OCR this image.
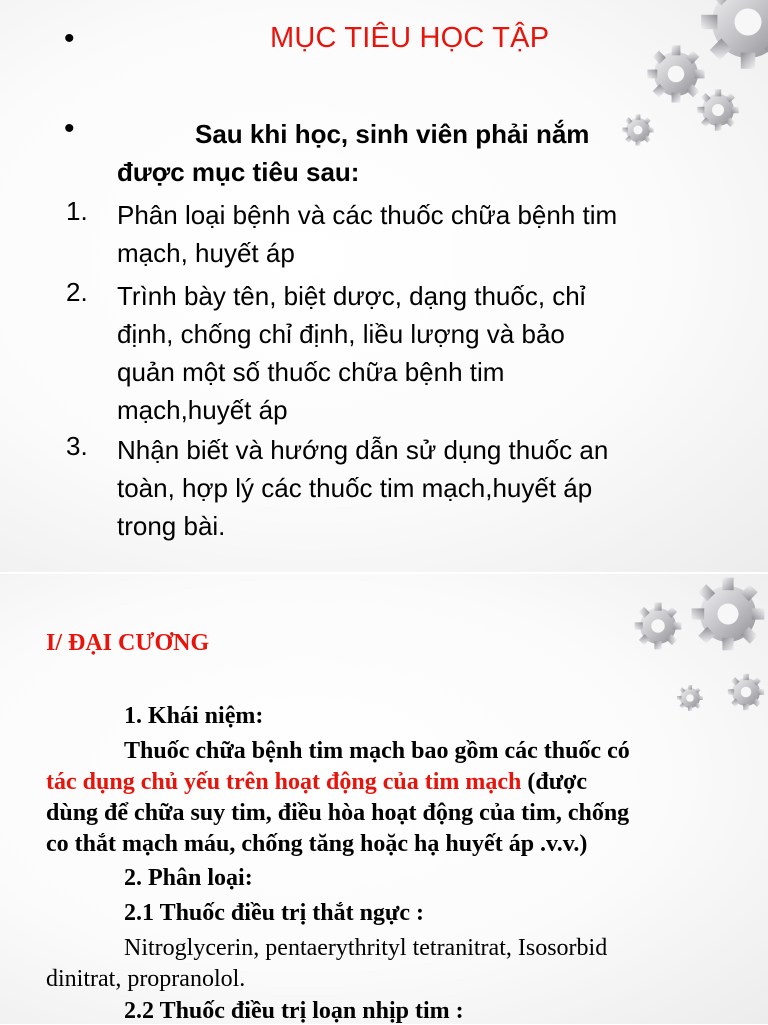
•	MỤC TIÊU HỌC TẬP
•	Sau khi học, sinh viên phải nắm
được mục tiêu sau:
1. Phân loại bệnh và các thuốc chữa bệnh tim
mạch, huyết áp
2. Trình bày tên, biệt dược, dạng thuốc, chỉ
định, chống chỉ định, liều lượng và bảo
quản một số thuốc chữa bệnh tim
mạch,huyết áp
3. Nhận biết và hướng dẫn sử dụng thuốc an
toàn, hợp lý các thuốc tim mạch,huyết áp
trong bài.
I/ ĐẠI CƯƠNG
1. Khái niệm:
Thuốc chữa bệnh tim mạch bao gồm các thuốc có
tác dụng chủ yếu trên hoạt động của tim mạch (được
dùng để chữa suy tim, điều hòa hoạt động của tim, chống
co thắt mạch máu, chống tăng hoặc hạ huyết áp .v.v.)
2. Phân loại:
2.1 Thuốc điều trị thắt ngực :
Nitroglycerin, pentaerythrityl tetranitrat, Isosorbid
dinitrat, propranolol.
2.2 Thuốc điều trị loạn nhịp tim :
